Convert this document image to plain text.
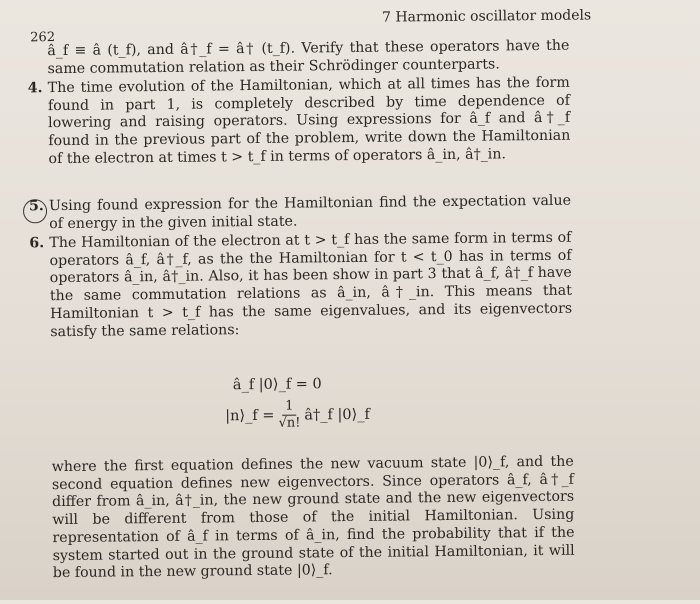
262
7 Harmonic oscillator models
â_f ≡ â (t_f), and â†_f = â† (t_f). Verify that these operators have the same commutation relation as their Schrödinger counterparts.
4. The time evolution of the Hamiltonian, which at all times has the form found in part 1, is completely described by time dependence of lowering and raising operators. Using expressions for â_f and â†_f found in the previous part of the problem, write down the Hamiltonian of the electron at times t > t_f in terms of operators â_in, â†_in.
5. Using found expression for the Hamiltonian find the expectation value of energy in the given initial state.
6. The Hamiltonian of the electron at t > t_f has the same form in terms of operators â_f, â†_f, as the the Hamiltonian for t < t_0 has in terms of operators â_in, â†_in. Also, it has been show in part 3 that â_f, â†_f have the same commutation relations as â_in, â†_in. This means that Hamiltonian t > t_f has the same eigenvalues, and its eigenvectors satisfy the same relations:
â_f |0⟩_f = 0
|n⟩_f = $\frac{1}{√n!}$ â†_f |0⟩_f
where the first equation defines the new vacuum state |0⟩_f, and the second equation defines new eigenvectors. Since operators â_f, â†_f differ from â_in, â†_in, the new ground state and the new eigenvectors will be different from those of the initial Hamiltonian. Using representation of â_f in terms of â_in, find the probability that if the system started out in the ground state of the initial Hamiltonian, it will be found in the new ground state |0⟩_f.
